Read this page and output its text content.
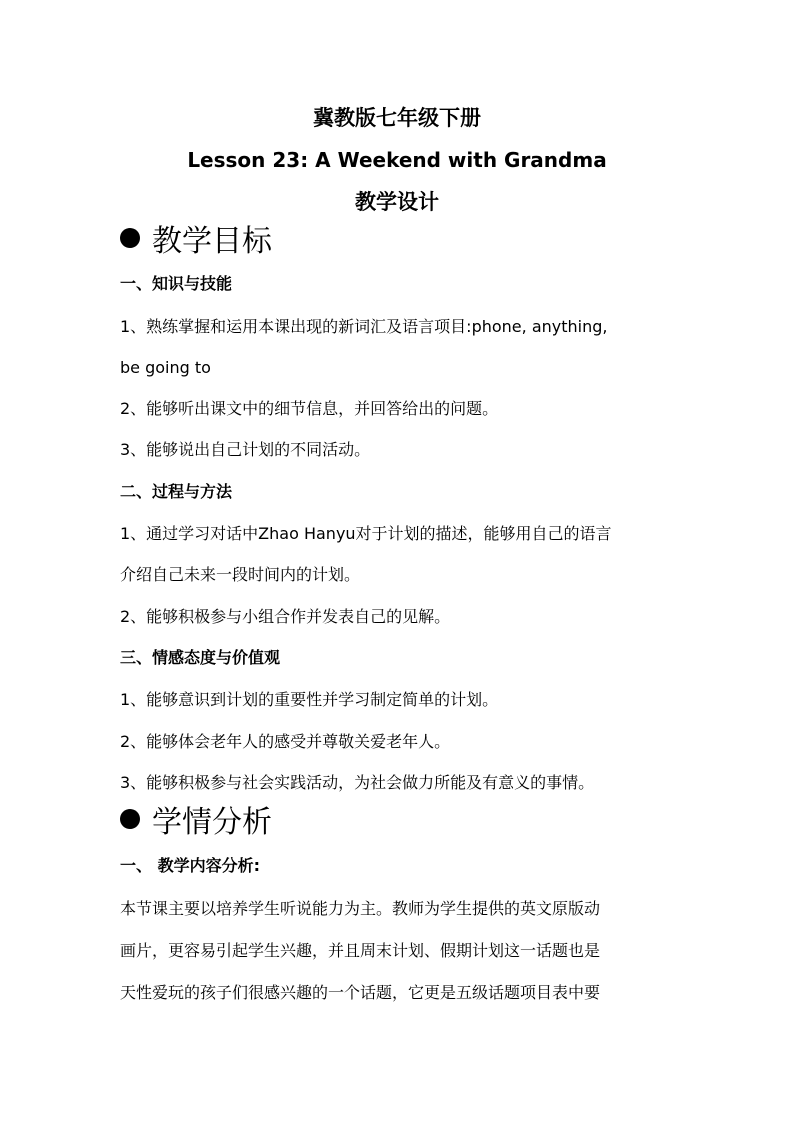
冀教版七年级下册
Lesson 23: A Weekend with Grandma
教学设计
教学目标
一、知识与技能
1、熟练掌握和运用本课出现的新词汇及语言项目:phone, anything,
be going to
2、能够听出课文中的细节信息，并回答给出的问题。
3、能够说出自己计划的不同活动。
二、过程与方法
1、通过学习对话中Zhao Hanyu对于计划的描述，能够用自己的语言
介绍自己未来一段时间内的计划。
2、能够积极参与小组合作并发表自己的见解。
三、情感态度与价值观
1、能够意识到计划的重要性并学习制定简单的计划。
2、能够体会老年人的感受并尊敬关爱老年人。
3、能够积极参与社会实践活动，为社会做力所能及有意义的事情。
学情分析
一、 教学内容分析:
本节课主要以培养学生听说能力为主。教师为学生提供的英文原版动
画片，更容易引起学生兴趣，并且周末计划、假期计划这一话题也是
天性爱玩的孩子们很感兴趣的一个话题，它更是五级话题项目表中要
